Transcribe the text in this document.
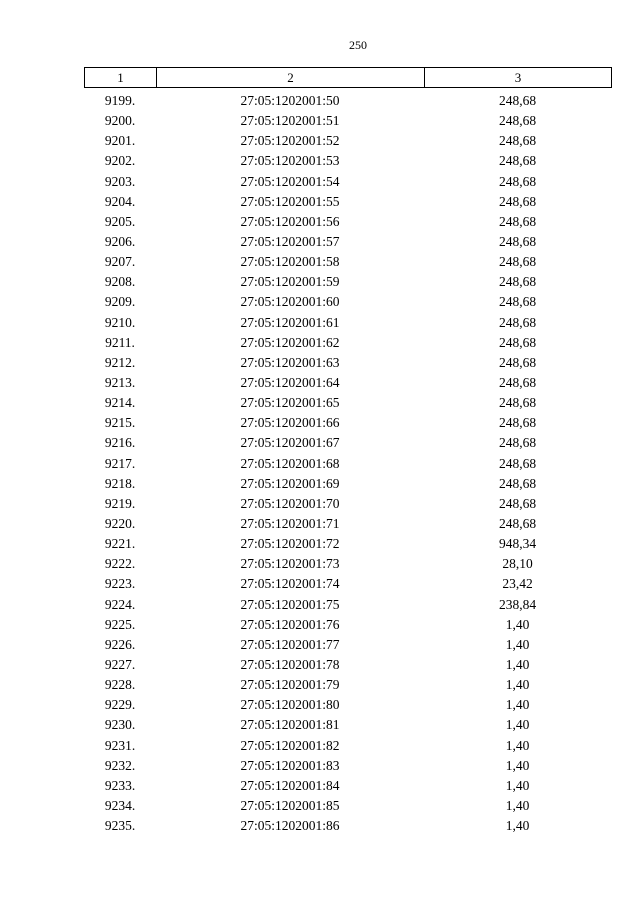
250
1	2	3
9199.	27:05:1202001:50	248,68
9200.	27:05:1202001:51	248,68
9201.	27:05:1202001:52	248,68
9202.	27:05:1202001:53	248,68
9203.	27:05:1202001:54	248,68
9204.	27:05:1202001:55	248,68
9205.	27:05:1202001:56	248,68
9206.	27:05:1202001:57	248,68
9207.	27:05:1202001:58	248,68
9208.	27:05:1202001:59	248,68
9209.	27:05:1202001:60	248,68
9210.	27:05:1202001:61	248,68
9211.	27:05:1202001:62	248,68
9212.	27:05:1202001:63	248,68
9213.	27:05:1202001:64	248,68
9214.	27:05:1202001:65	248,68
9215.	27:05:1202001:66	248,68
9216.	27:05:1202001:67	248,68
9217.	27:05:1202001:68	248,68
9218.	27:05:1202001:69	248,68
9219.	27:05:1202001:70	248,68
9220.	27:05:1202001:71	248,68
9221.	27:05:1202001:72	948,34
9222.	27:05:1202001:73	28,10
9223.	27:05:1202001:74	23,42
9224.	27:05:1202001:75	238,84
9225.	27:05:1202001:76	1,40
9226.	27:05:1202001:77	1,40
9227.	27:05:1202001:78	1,40
9228.	27:05:1202001:79	1,40
9229.	27:05:1202001:80	1,40
9230.	27:05:1202001:81	1,40
9231.	27:05:1202001:82	1,40
9232.	27:05:1202001:83	1,40
9233.	27:05:1202001:84	1,40
9234.	27:05:1202001:85	1,40
9235.	27:05:1202001:86	1,40
